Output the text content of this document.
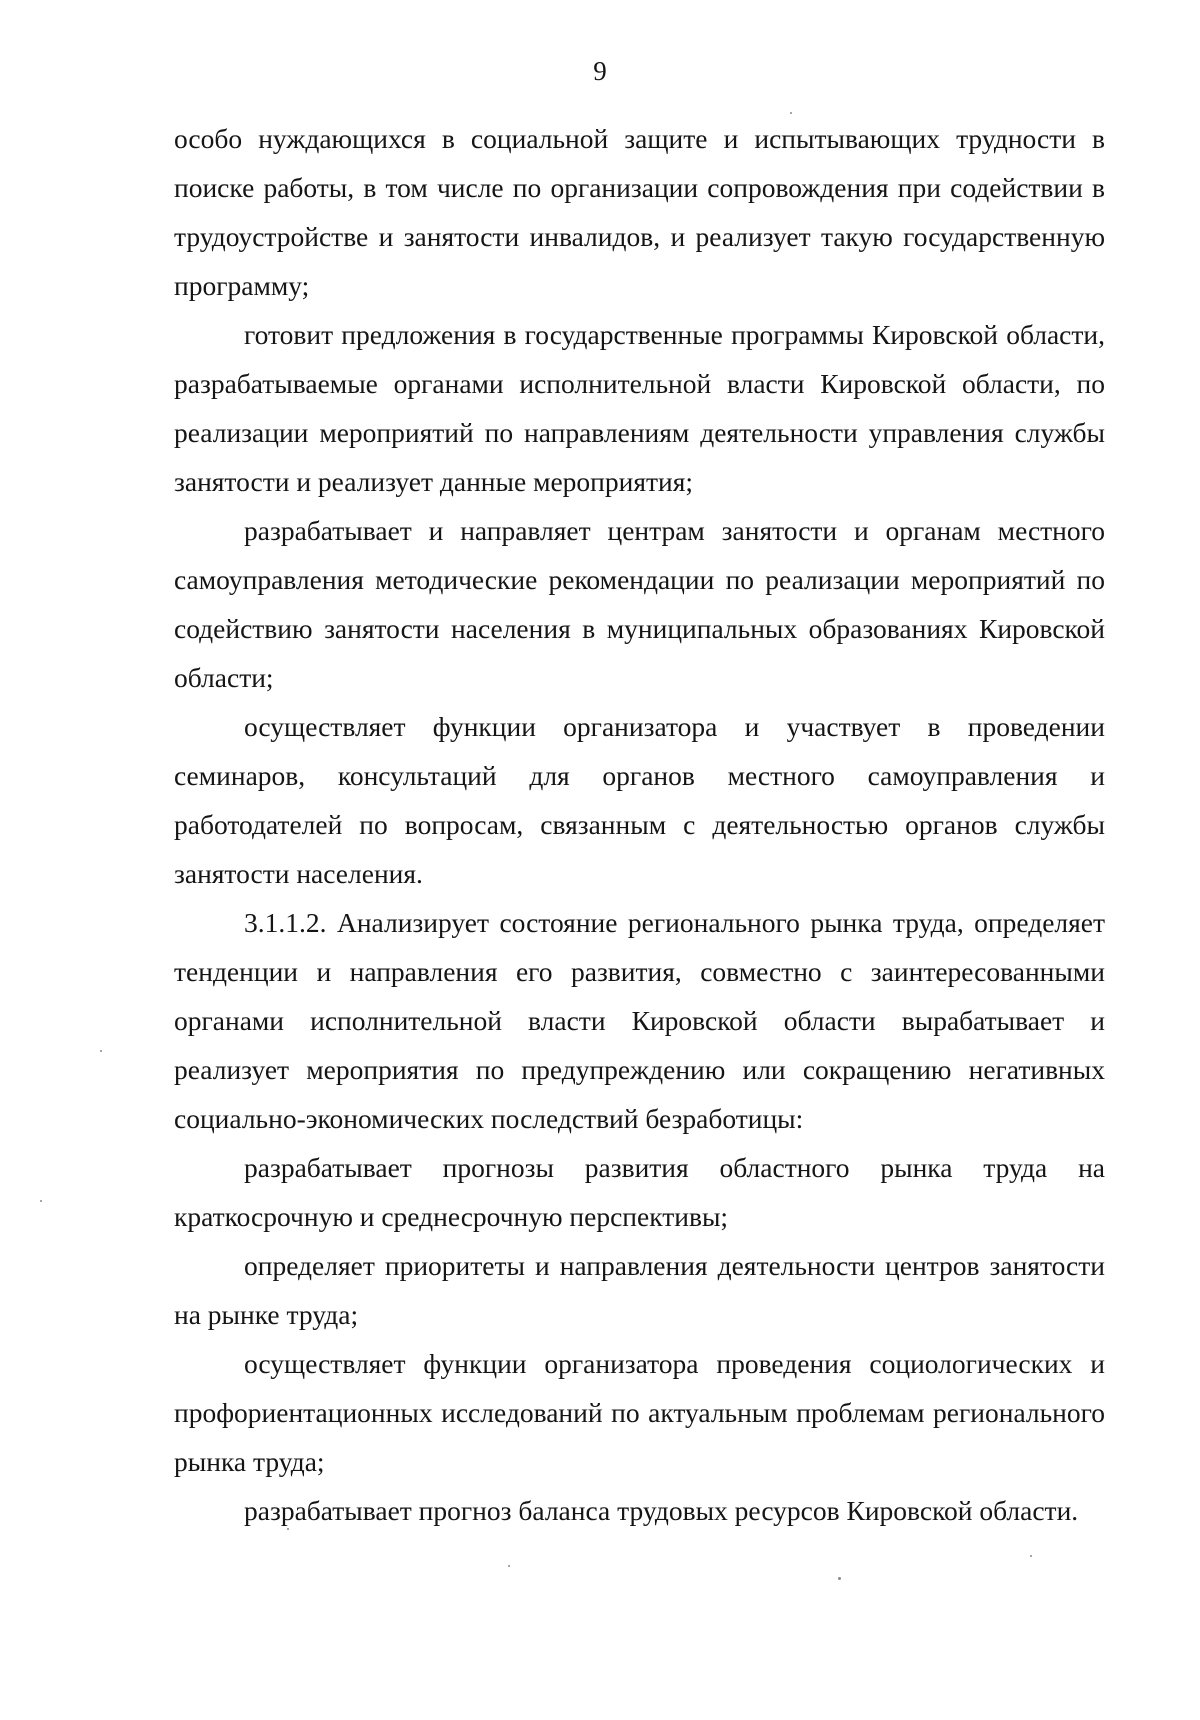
9

особо нуждающихся в социальной защите и испытывающих трудности в поиске работы, в том числе по организации сопровождения при содействии в трудоустройстве и занятости инвалидов, и реализует такую государственную программу;

готовит предложения в государственные программы Кировской области, разрабатываемые органами исполнительной власти Кировской области, по реализации мероприятий по направлениям деятельности управления службы занятости и реализует данные мероприятия;

разрабатывает и направляет центрам занятости и органам местного самоуправления методические рекомендации по реализации мероприятий по содействию занятости населения в муниципальных образованиях Кировской области;

осуществляет функции организатора и участвует в проведении семинаров, консультаций для органов местного самоуправления и работодателей по вопросам, связанным с деятельностью органов службы занятости населения.

3.1.1.2. Анализирует состояние регионального рынка труда, определяет тенденции и направления его развития, совместно с заинтересованными органами исполнительной власти Кировской области вырабатывает и реализует мероприятия по предупреждению или сокращению негативных социально-экономических последствий безработицы:

разрабатывает прогнозы развития областного рынка труда на краткосрочную и среднесрочную перспективы;

определяет приоритеты и направления деятельности центров занятости на рынке труда;

осуществляет функции организатора проведения социологических и профориентационных исследований по актуальным проблемам регионального рынка труда;

разрабатывает прогноз баланса трудовых ресурсов Кировской области.
